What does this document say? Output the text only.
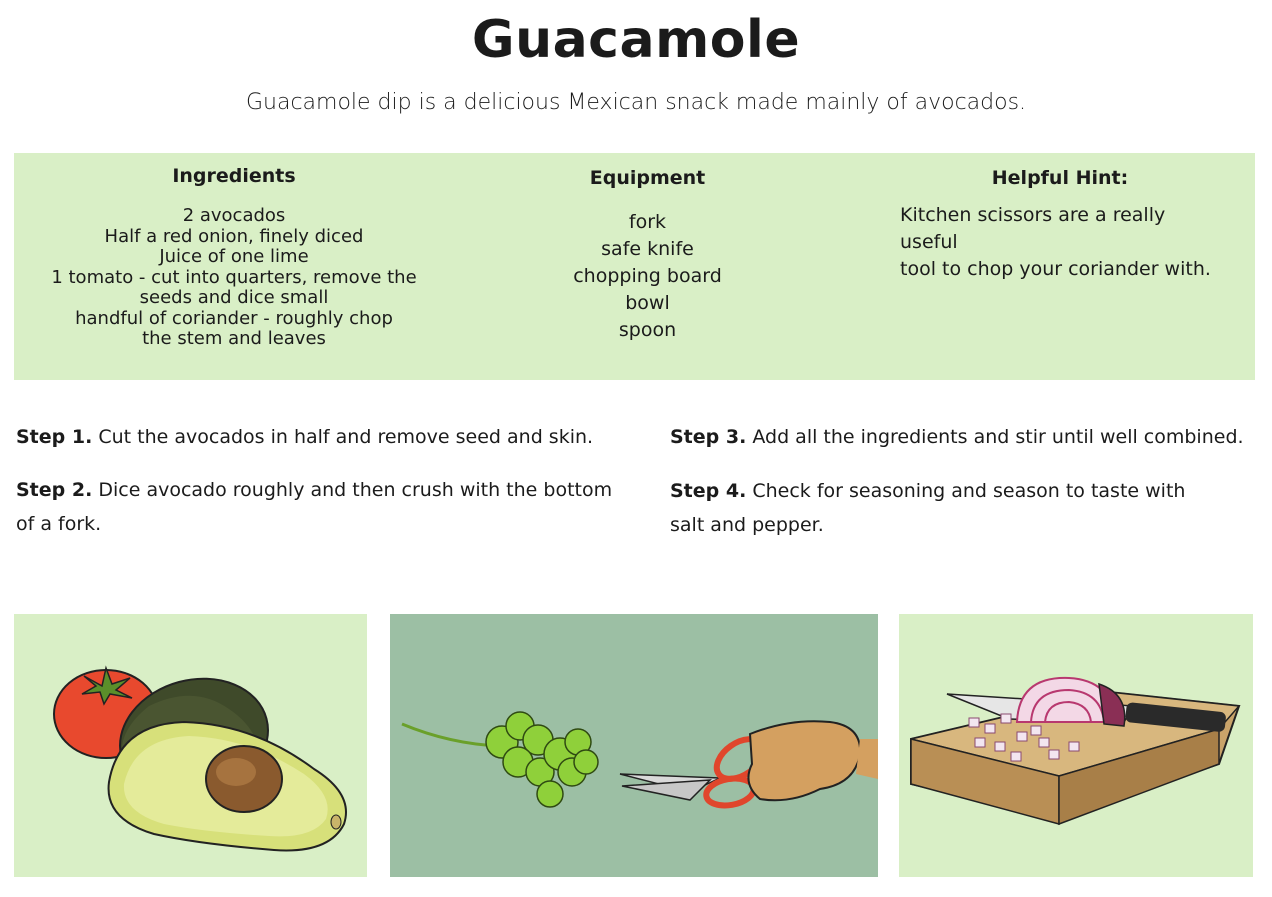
Guacamole
Guacamole dip is a delicious Mexican snack made mainly of avocados.
Ingredients
2 avocados
Half a red onion, finely diced
Juice of one lime
1 tomato - cut into quarters, remove the
seeds and dice small
handful of coriander - roughly chop
the stem and leaves
Equipment
fork
safe knife
chopping board
bowl
spoon
Helpful Hint:
Kitchen scissors are a really useful
tool to chop your coriander with.
Step 1. Cut the avocados in half and remove seed and skin.
Step 2. Dice avocado roughly and then crush with the bottom
of a fork.
Step 3. Add all the ingredients and stir until well combined.
Step 4. Check for seasoning and season to taste with
salt and pepper.
